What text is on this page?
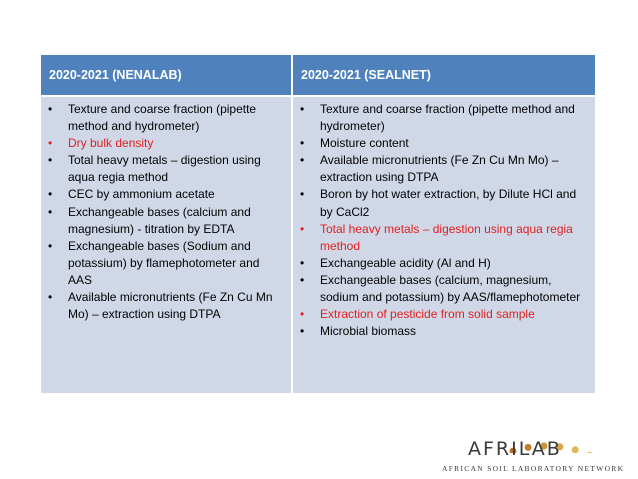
2020-2021 (NENALAB)	2020-2021 (SEALNET)
• Texture and coarse fraction (pipette method and hydrometer)
• Dry bulk density
• Total heavy metals – digestion using aqua regia method
• CEC by ammonium acetate
• Exchangeable bases (calcium and magnesium) - titration by EDTA
• Exchangeable bases (Sodium and potassium) by flamephotometer and AAS
• Available micronutrients (Fe Zn Cu Mn Mo) – extraction using DTPA
• Texture and coarse fraction (pipette method and hydrometer)
• Moisture content
• Available micronutrients (Fe Zn Cu Mn Mo) – extraction using DTPA
• Boron by hot water extraction, by Dilute HCl and by CaCl2
• Total heavy metals – digestion using aqua regia method
• Exchangeable acidity (Al and H)
• Exchangeable bases (calcium, magnesium, sodium and potassium) by AAS/flamephotometer
• Extraction of pesticide from solid sample
• Microbial biomass
AFRILAB
AFRICAN SOIL LABORATORY NETWORK
